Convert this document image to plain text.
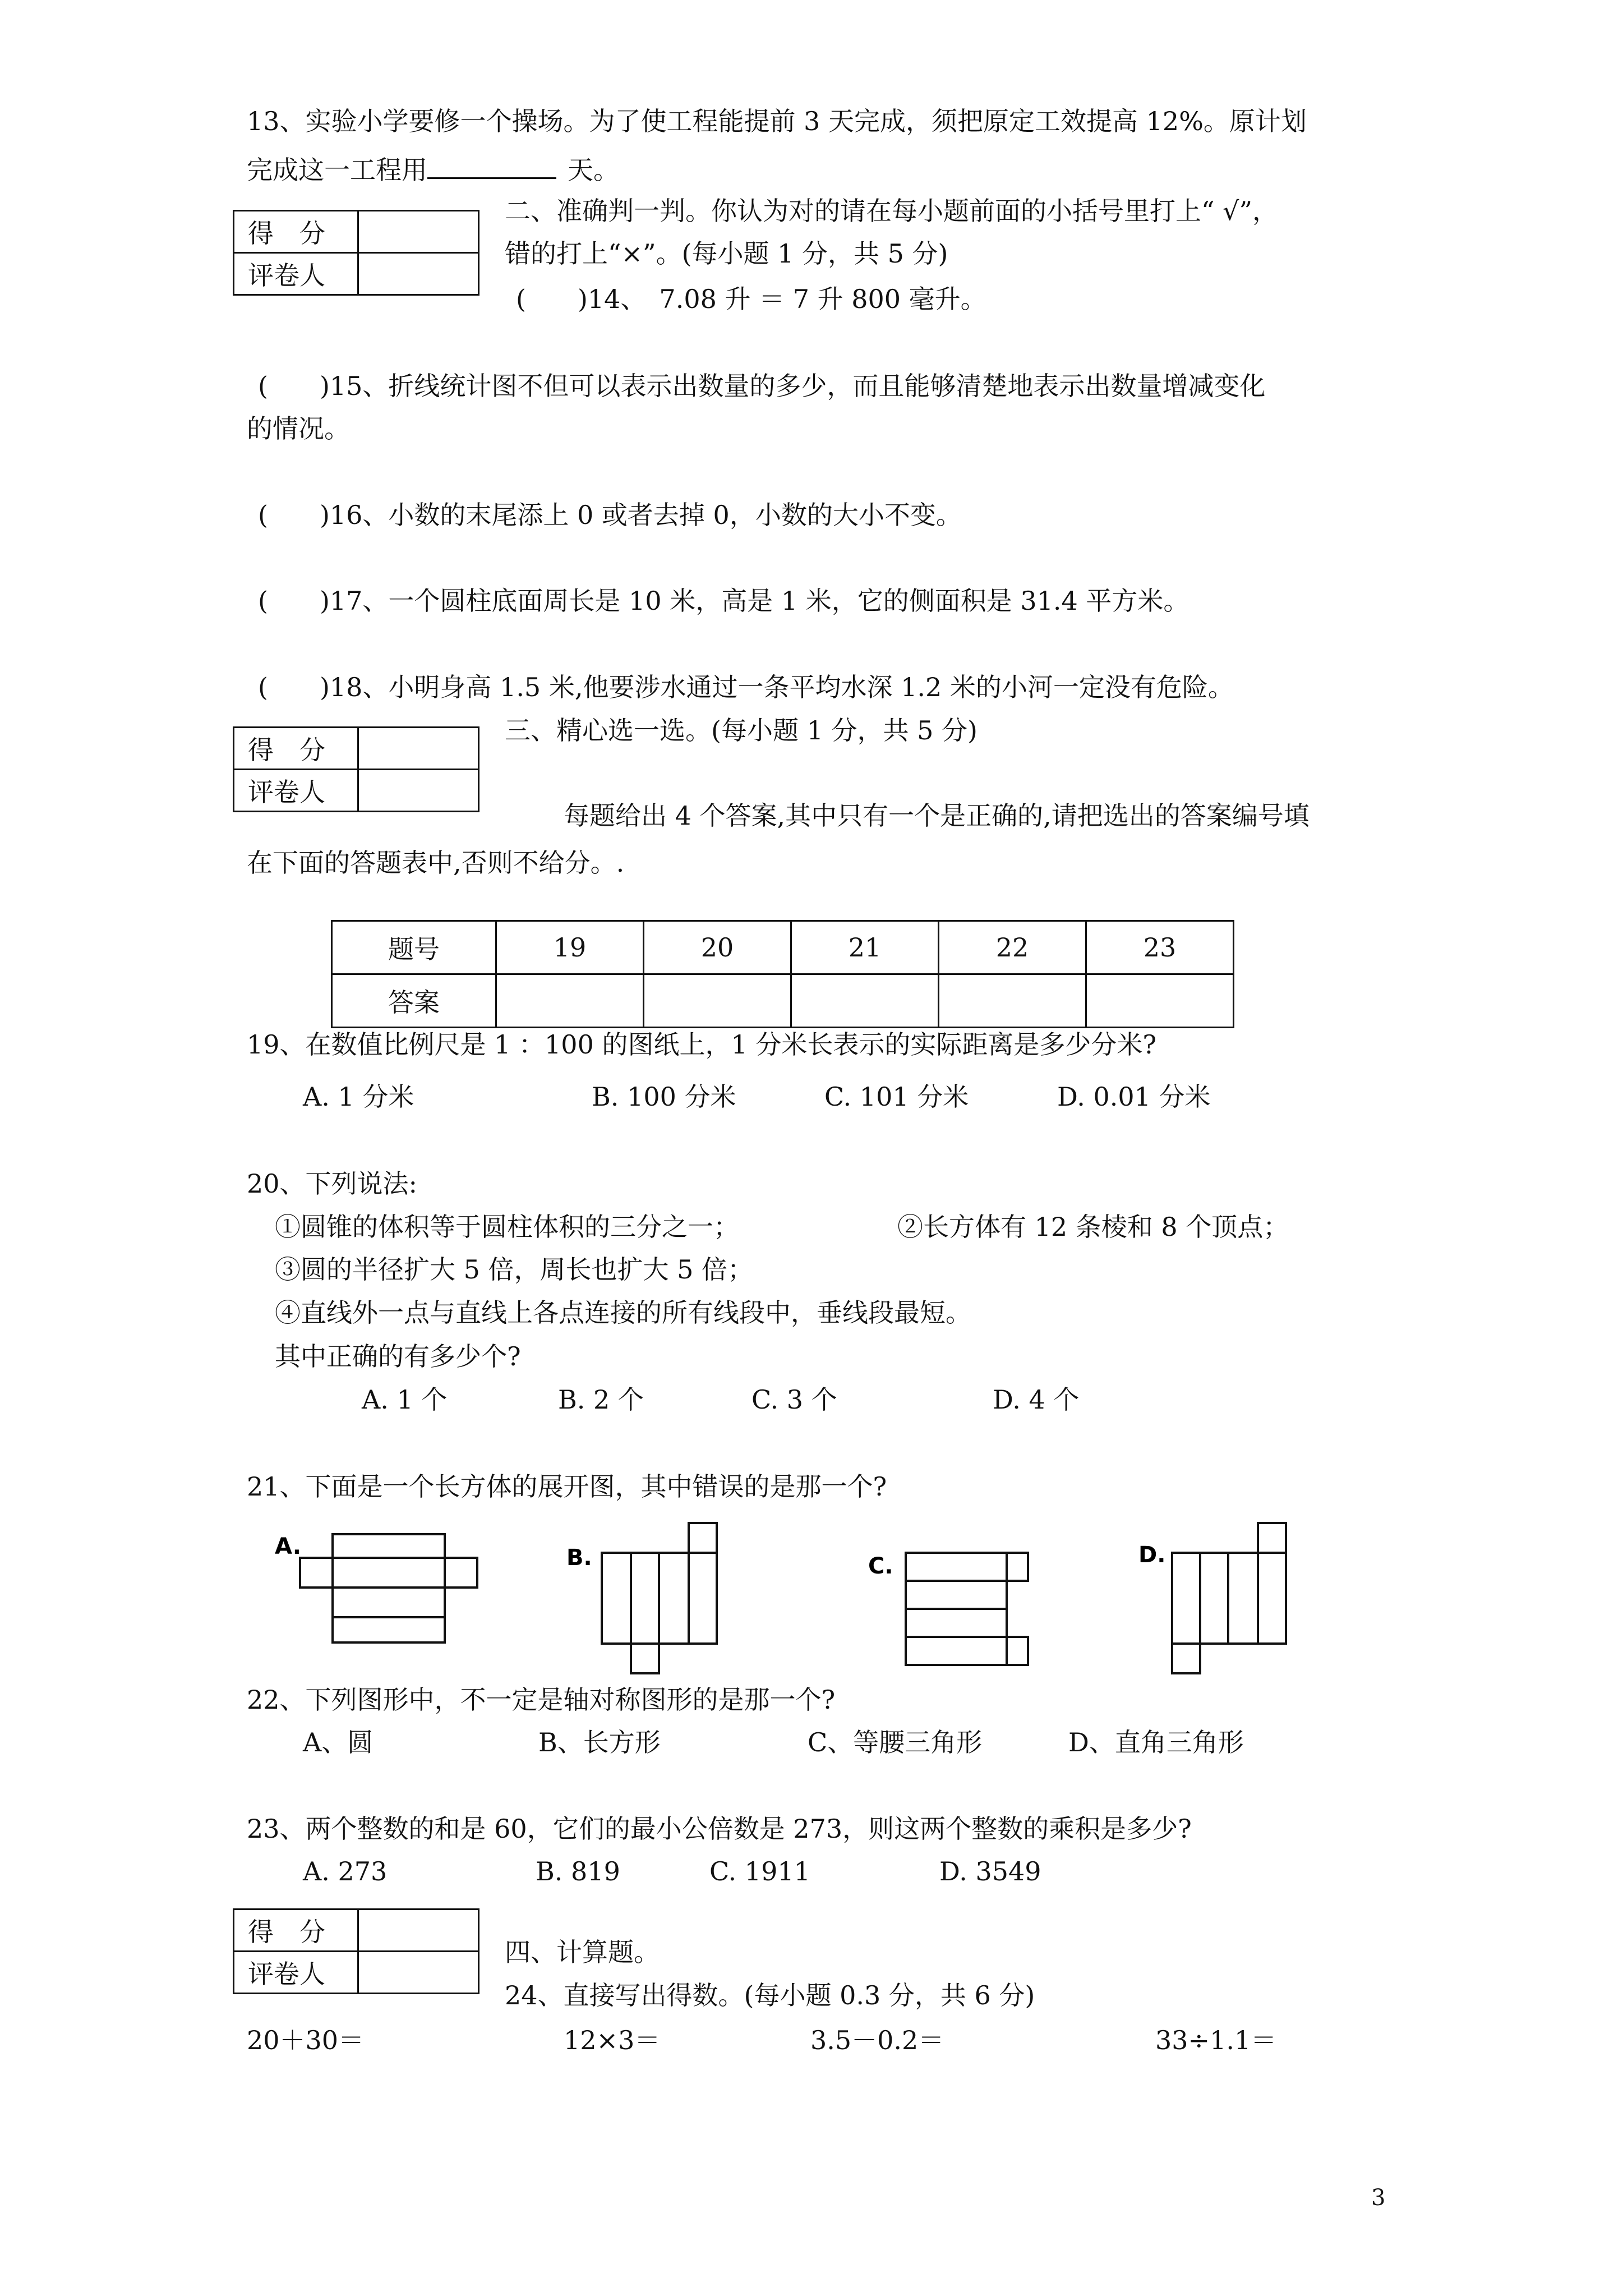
13、实验小学要修一个操场。为了使工程能提前 3 天完成，须把原定工效提高 12%。原计划
完成这一工程用	天。
得　分	
评卷人	
二、准确判一判。你认为对的请在每小题前面的小括号里打上“ √”，
错的打上“×”。(每小题 1 分，共 5 分)
(　　)14、　7.08 升 ＝ 7 升 800 毫升。
(　　)15、折线统计图不但可以表示出数量的多少，而且能够清楚地表示出数量增减变化
的情况。
(　　)16、小数的末尾添上 0 或者去掉 0，小数的大小不变。
(　　)17、一个圆柱底面周长是 10 米，高是 1 米，它的侧面积是 31.4 平方米。
(　　)18、小明身高 1.5 米,他要涉水通过一条平均水深 1.2 米的小河一定没有危险。
得　分	
评卷人	
三、精心选一选。(每小题 1 分，共 5 分)
每题给出 4 个答案,其中只有一个是正确的,请把选出的答案编号填
在下面的答题表中,否则不给分。.
题号	19	20	21	22	23
答案					
19、在数值比例尺是 1 ：100 的图纸上，1 分米长表示的实际距离是多少分米?
A. 1 分米	B. 100 分米	C. 101 分米	D. 0.01 分米
20、下列说法:
①圆锥的体积等于圆柱体积的三分之一；	②长方体有 12 条棱和 8 个顶点；
③圆的半径扩大 5 倍，周长也扩大 5 倍；
④直线外一点与直线上各点连接的所有线段中，垂线段最短。
其中正确的有多少个?
A. 1 个	B. 2 个	C. 3 个	D. 4 个
21、下面是一个长方体的展开图，其中错误的是那一个?
A.	B.	C.	D.
22、下列图形中，不一定是轴对称图形的是那一个?
A、圆	B、长方形	C、等腰三角形	D、直角三角形
23、两个整数的和是 60，它们的最小公倍数是 273，则这两个整数的乘积是多少?
A. 273	B. 819	C. 1911	D. 3549
得　分	
评卷人	
四、计算题。
24、直接写出得数。(每小题 0.3 分，共 6 分)
20＋30＝	12×3＝	3.5－0.2＝	33÷1.1＝
3
